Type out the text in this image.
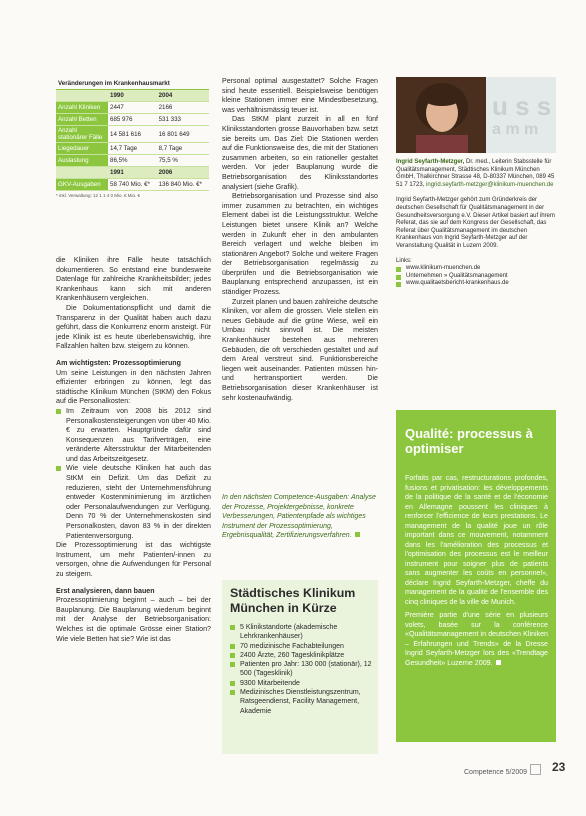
Veränderungen im Krankenhausmarkt
	1990	2004
Anzahl Kliniken	2447	2166
Anzahl Betten	685 976	531 333
Anzahl stationärer Fälle	14 581 616	16 801 649
Liegedauer	14,7 Tage	8,7 Tage
Auslastung	86,5%	75,5 %
	1991	2006
GKV-Ausgaben	58 740 Mio. €*	136 840 Mio. €*
* inkl. Verwaltung: 12 1 1 4 0 Mio. € Mio. €

die Kliniken ihre Fälle heute tatsächlich dokumentieren. So entstand eine bundesweite Datenlage für zahlreiche Krankheitsbilder; jedes Krankenhaus kann sich mit anderen Krankenhäusern vergleichen.

Die Dokumentationspflicht und damit die Transparenz in der Qualität haben auch dazu geführt, dass die Konkurrenz enorm ansteigt. Für jede Klinik ist es heute überlebenswichtig, ihre Fallzahlen halten bzw. steigern zu können.

Am wichtigsten: Prozessoptimierung

Um seine Leistungen in den nächsten Jahren effizienter erbringen zu können, legt das städtische Klinikum München (StKM) den Fokus auf die Personalkosten:

Im Zeitraum von 2008 bis 2012 sind Personalkostensteigerungen von über 40 Mio. € zu erwarten. Hauptgründe dafür sind Konsequenzen aus Tarifverträgen, eine veränderte Altersstruktur der Mitarbeitenden und das Arbeitszeitgesetz.
Wie viele deutsche Kliniken hat auch das StKM ein Defizit. Um das Defizit zu reduzieren, steht der Unternehmensführung entweder Kostenminimierung im ärztlichen oder Personalaufwendungen zur Verfügung. Denn 70 % der Unternehmenskosten sind Personalkosten, davon 83 % in der direkten Patientenversorgung.

Die Prozessoptimierung ist das wichtigste Instrument, um mehr Patienten/-innen zu versorgen, ohne die Aufwendungen für Personal zu steigern.

Erst analysieren, dann bauen

Prozessoptimierung beginnt – auch – bei der Bauplanung. Die Bauplanung wiederum beginnt mit der Analyse der Betriebsorganisation: Welches ist die optimale Grösse einer Station? Wie viele Betten hat sie? Wie ist das

Personal optimal ausgestattet? Solche Fragen sind heute essentiell. Beispielsweise benötigen kleine Stationen immer eine Mindestbesetzung, was verhältnismässig teuer ist.

Das StKM plant zurzeit in all en fünf Kliniksstandorten grosse Bauvorhaben bzw. setzt sie bereits um. Das Ziel: Die Stationen werden auf die Funktionsweise des, die mit der Stationen zusammen arbeiten, so ein rationeller gestaltet werden. Vor jeder Bauplanung wurde die Betriebsorganisation des Kliniksstandortes analysiert (siehe Grafik).

Betriebsorganisation und Prozesse sind also immer zusammen zu betrachten, ein wichtiges Element dabei ist die Leistungsstruktur. Welche Leistungen bietet unsere Klinik an? Welche werden in Zukunft eher in den ambulanten Bereich verlagert und welche bleiben im stationären Angebot? Solche und weitere Fragen der Betriebsorganisation regelmässig zu überprüfen und die Betriebsorganisation wie Bauplanung entsprechend anzupassen, ist ein ständiger Prozess.

Zurzeit planen und bauen zahlreiche deutsche Kliniken, vor allem die grossen. Viele stellen ein neues Gebäude auf die grüne Wiese, weil ein Umbau nicht sinnvoll ist. Die meisten Krankenhäuser bestehen aus mehreren Gebäuden, die oft verschieden gestaltet und auf dem Areal verstreut sind. Funktionsbereiche liegen weit auseinander. Patienten müssen hin- und hertransportiert werden. Die Betriebsorganisation dieser Krankenhäuser ist sehr kostenaufwändig.

In den nächsten Competence-Ausgaben: Analyse der Prozesse, Projektergebnisse, konkrete Verbesserungen, Patientenpfade als wichtiges Instrument der Prozessoptimierung, Ergebnisqualität, Zertifizierungsverfahren.
Städtisches Klinikum München in Kürze
5 Klinikstandorte (akademische Lehrkrankenhäuser)
70 medizinische Fachabteilungen
2400 Ärzte, 260 Tagesklinikplätze
Patienten pro Jahr: 130 000 (stationär), 12 500 (Tagesklinik)
9300 Mitarbeitende
Medizinisches Dienstleistungszentrum, Ratsgeendienst, Facility Management, Akademie
u s s
a m m

Ingrid Seyfarth-Metzger, Dr. med., Leiterin Stabsstelle für Qualitätsmanagement, Städtisches Klinikum München GmbH, Thalkirchner Strasse 48, D-80337 München, 089 45 51 7 1723, ingrid.seyfarth-metzger@klinikum-muenchen.de

Ingrid Seyfarth-Metzger gehört zum Gründerkreis der deutschen Gesellschaft für Qualitätsmanagement in der Gesundheitsversorgung e.V. Dieser Artikel basiert auf ihrem Referat, das sie auf dem Kongress der Gesellschaft, das Referat über Qualitätsmanagement im deutschen Krankenhaus von Ingrid Seyfarth-Metzger auf der Veranstaltung Qualität in Luzern 2009.

Links:

www.klinikum-muenchen.de
Unternehmen » Qualitätsmanagement
www.qualitaetsbericht-krankenhaus.de
Qualité: processus à optimiser

Forfaits par cas, restructurations profondes, fusions et privatisation: les développements de la politique de la santé et de l'économie en Allemagne poussent les cliniques à renforcer l'efficience de leurs prestations. Le management de la qualité joue un rôle important dans ce mouvement, notamment dans les l'amélioration des processus et l'optimisation des processus est le meilleur instrument pour soigner plus de patients sans augmenter les coûts en personnel», déclare Ingrid Seyfarth-Metzger, cheffe du management de la qualité de l'ensemble des cinq cliniques de la ville de Munich.

Première partie d'une série en plusieurs volets, basée sur la conférence «Qualitätsmanagement in deutschen Kliniken – Erfahrungen und Trends» de la Dresse Ingrid Seyfarth-Metzger lors des «Trendtage Gesundheit» Luzerne 2009.

Competence 5/2009	23
